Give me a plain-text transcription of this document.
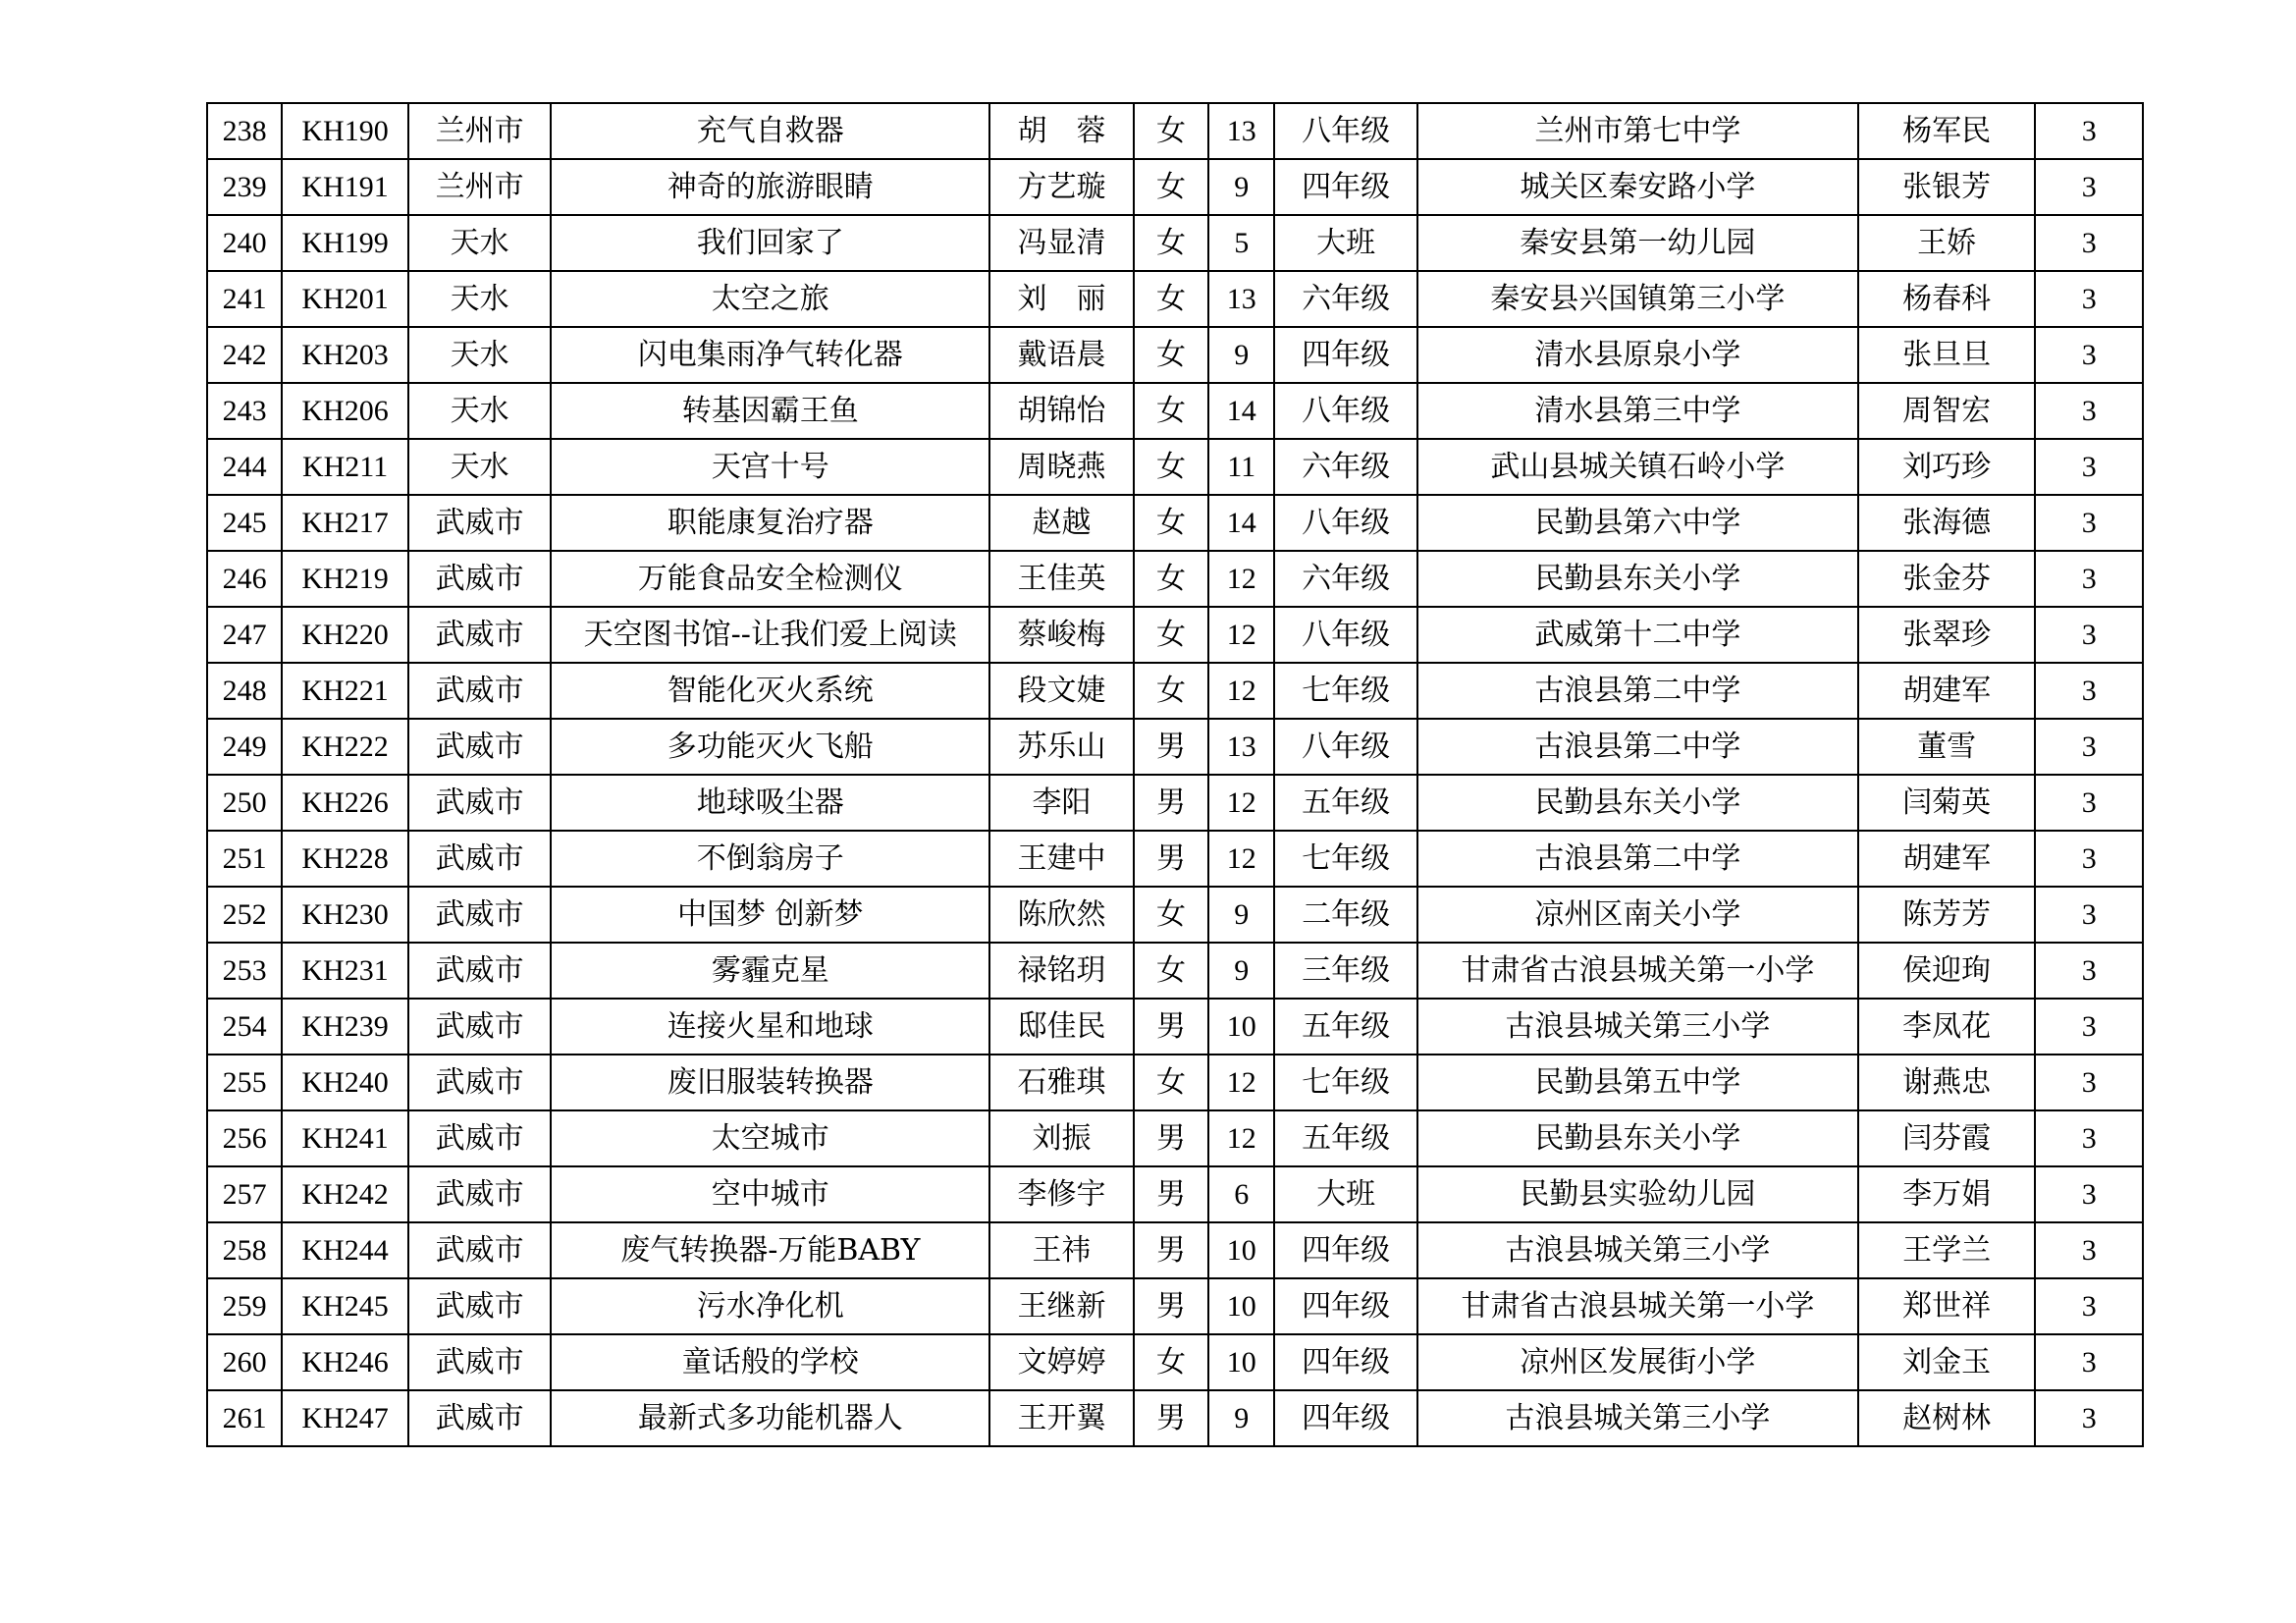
238	KH190	兰州市	充气自救器	胡　蓉	女	13	八年级	兰州市第七中学	杨军民	3
239	KH191	兰州市	神奇的旅游眼睛	方艺璇	女	9	四年级	城关区秦安路小学	张银芳	3
240	KH199	天水	我们回家了	冯显清	女	5	大班	秦安县第一幼儿园	王娇	3
241	KH201	天水	太空之旅	刘　丽	女	13	六年级	秦安县兴国镇第三小学	杨春科	3
242	KH203	天水	闪电集雨净气转化器	戴语晨	女	9	四年级	清水县原泉小学	张旦旦	3
243	KH206	天水	转基因霸王鱼	胡锦怡	女	14	八年级	清水县第三中学	周智宏	3
244	KH211	天水	天宫十号	周晓燕	女	11	六年级	武山县城关镇石岭小学	刘巧珍	3
245	KH217	武威市	职能康复治疗器	赵越	女	14	八年级	民勤县第六中学	张海德	3
246	KH219	武威市	万能食品安全检测仪	王佳英	女	12	六年级	民勤县东关小学	张金芬	3
247	KH220	武威市	天空图书馆--让我们爱上阅读	蔡峻梅	女	12	八年级	武威第十二中学	张翠珍	3
248	KH221	武威市	智能化灭火系统	段文婕	女	12	七年级	古浪县第二中学	胡建军	3
249	KH222	武威市	多功能灭火飞船	苏乐山	男	13	八年级	古浪县第二中学	董雪	3
250	KH226	武威市	地球吸尘器	李阳	男	12	五年级	民勤县东关小学	闫菊英	3
251	KH228	武威市	不倒翁房子	王建中	男	12	七年级	古浪县第二中学	胡建军	3
252	KH230	武威市	中国梦 创新梦	陈欣然	女	9	二年级	凉州区南关小学	陈芳芳	3
253	KH231	武威市	雾霾克星	禄铭玥	女	9	三年级	甘肃省古浪县城关第一小学	侯迎珣	3
254	KH239	武威市	连接火星和地球	邸佳民	男	10	五年级	古浪县城关第三小学	李凤花	3
255	KH240	武威市	废旧服装转换器	石雅琪	女	12	七年级	民勤县第五中学	谢燕忠	3
256	KH241	武威市	太空城市	刘振	男	12	五年级	民勤县东关小学	闫芬霞	3
257	KH242	武威市	空中城市	李修宇	男	6	大班	民勤县实验幼儿园	李万娟	3
258	KH244	武威市	废气转换器-万能BABY	王祎	男	10	四年级	古浪县城关第三小学	王学兰	3
259	KH245	武威市	污水净化机	王继新	男	10	四年级	甘肃省古浪县城关第一小学	郑世祥	3
260	KH246	武威市	童话般的学校	文婷婷	女	10	四年级	凉州区发展街小学	刘金玉	3
261	KH247	武威市	最新式多功能机器人	王开翼	男	9	四年级	古浪县城关第三小学	赵树林	3
